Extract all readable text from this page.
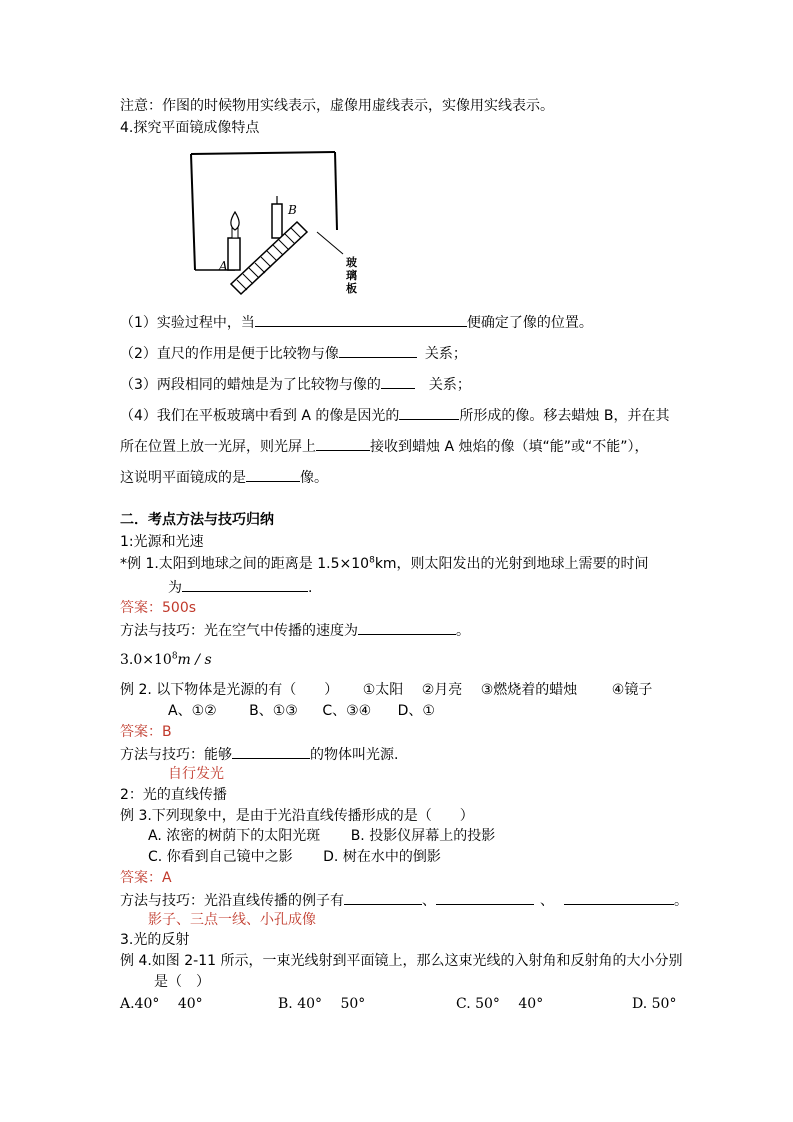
注意：作图的时候物用实线表示，虚像用虚线表示，实像用实线表示。
4.探究平面镜成像特点
A
B
玻
璃
板
（1）实验过程中，当	便确定了像的位置。
（2）直尺的作用是便于比较物与像	关系；
（3）两段相同的蜡烛是为了比较物与像的	关系；
（4）我们在平板玻璃中看到 A 的像是因光的	所形成的像。移去蜡烛 B，并在其
所在位置上放一光屏，则光屏上	接收到蜡烛 A 烛焰的像（填“能”或“不能”），
这说明平面镜成的是	像。
二．考点方法与技巧归纳
1:光源和光速
*例 1.太阳到地球之间的距离是 $1.5\times 10^8km$，则太阳发出的光射到地球上需要的时间
为	.
答案：500s
方法与技巧：光在空气中传播的速度为	。
$3.0\times 10^8m / s$
例 2. 以下物体是光源的有（　　） ①太阳 ②月亮 ③燃烧着的蜡烛 ④镜子
A、①② B、①③ C、③④ D、①
答案：B
方法与技巧：能够	的物体叫光源.
自行发光
2：光的直线传播
例 3.下列现象中，是由于光沿直线传播形成的是（　　）
A. 浓密的树荫下的太阳光斑 B. 投影仪屏幕上的投影
C. 你看到自己镜中之影 D. 树在水中的倒影
答案：A
方法与技巧：光沿直线传播的例子有	、	、	。
影子、三点一线、小孔成像
3.光的反射
例 4.如图 2-11 所示，一束光线射到平面镜上，那么这束光线的入射角和反射角的大小分别
是（　）
A.40°　 40°	B. 40°　 50°	C. 50°　 40°	D. 50°
